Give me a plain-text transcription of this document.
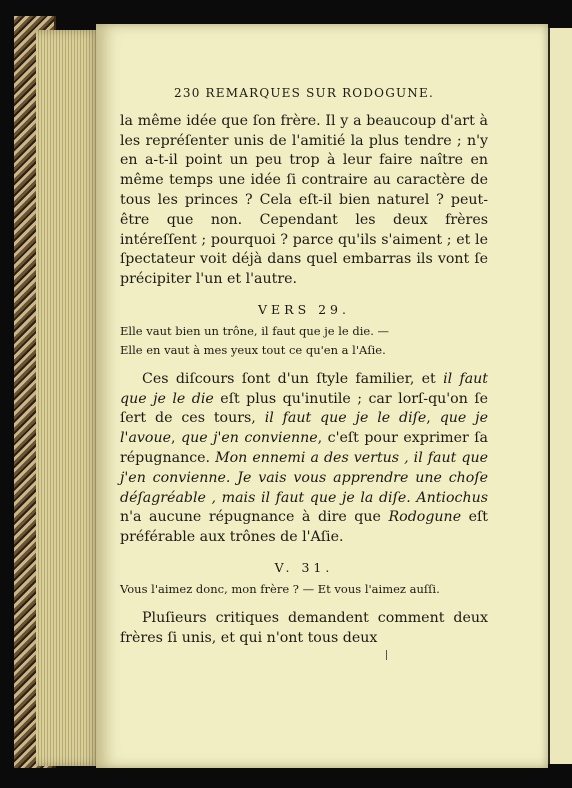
230 REMARQUES SUR RODOGUNE.

la même idée que ſon frère. Il y a beaucoup d'art à les repréſenter unis de l'amitié la plus tendre ; n'y en a-t-il point un peu trop à leur faire naître en même temps une idée ſi contraire au caractère de tous les princes ? Cela eſt-il bien naturel ? peut-être que non. Cependant les deux frères intéreſſent ; pourquoi ? parce qu'ils s'aiment ; et le ſpectateur voit déjà dans quel embarras ils vont ſe précipiter l'un et l'autre.

VERS 29.
Elle vaut bien un trône, il faut que je le die. —
Elle en vaut à mes yeux tout ce qu'en a l'Aſie.

Ces diſcours ſont d'un ſtyle familier, et il faut que je le die eſt plus qu'inutile ; car lorſ-qu'on ſe ſert de ces tours, il faut que je le diſe, que je l'avoue, que j'en convienne, c'eſt pour exprimer ſa répugnance. Mon ennemi a des vertus , il faut que j'en convienne. Je vais vous apprendre une choſe déſagréable , mais il faut que je la diſe. Antiochus n'a aucune répugnance à dire que Rodogune eſt préférable aux trônes de l'Aſie.

V. 31.
Vous l'aimez donc, mon frère ? — Et vous l'aimez auſſi.

Pluſieurs critiques demandent comment deux frères ſi unis, et qui n'ont tous deux
